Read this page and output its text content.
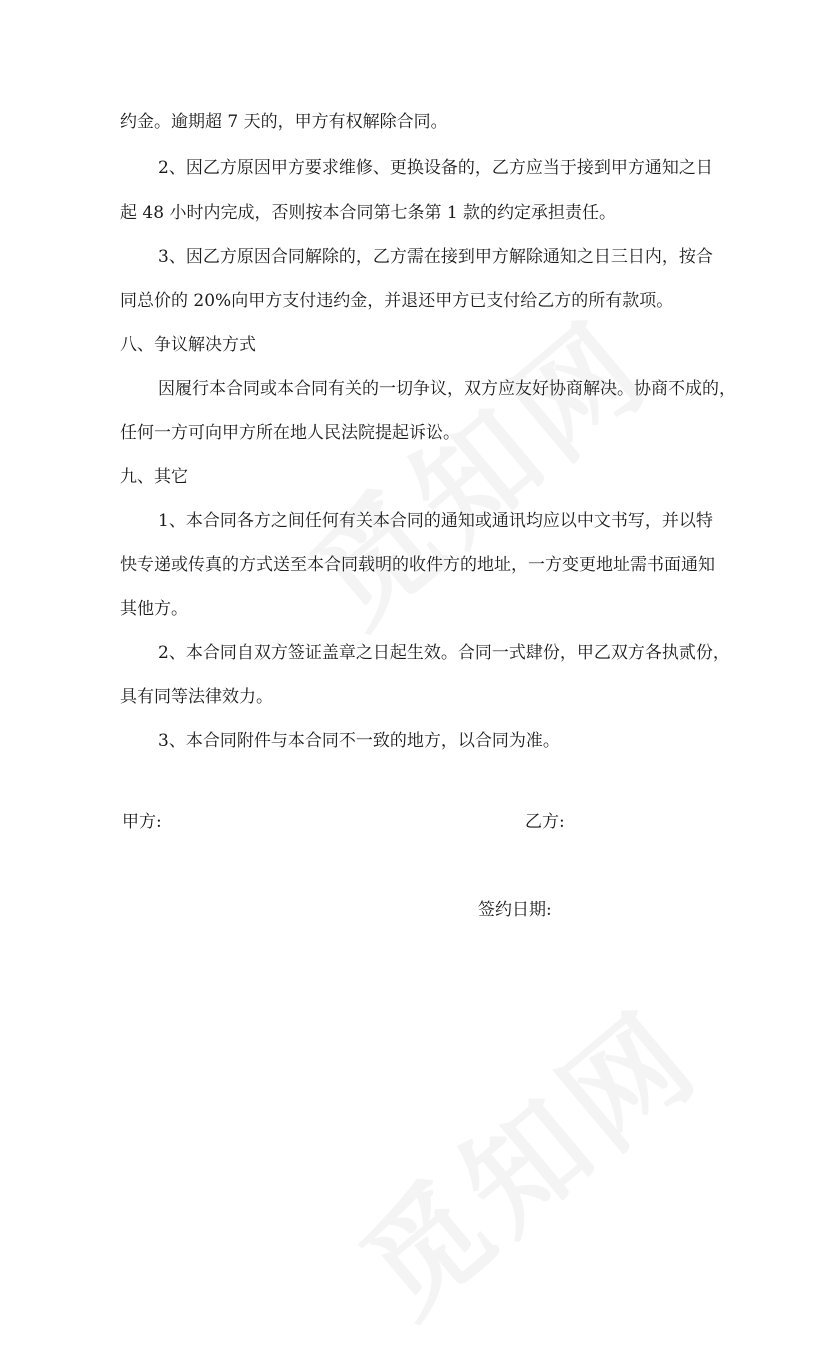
约金。逾期超 7 天的，甲方有权解除合同。
2、因乙方原因甲方要求维修、更换设备的，乙方应当于接到甲方通知之日
起 48 小时内完成，否则按本合同第七条第 1 款的约定承担责任。
3、因乙方原因合同解除的，乙方需在接到甲方解除通知之日三日内，按合
同总价的 20%向甲方支付违约金，并退还甲方已支付给乙方的所有款项。
八、争议解决方式
因履行本合同或本合同有关的一切争议，双方应友好协商解决。协商不成的，
任何一方可向甲方所在地人民法院提起诉讼。
九、其它
1、本合同各方之间任何有关本合同的通知或通讯均应以中文书写，并以特
快专递或传真的方式送至本合同载明的收件方的地址，一方变更地址需书面通知
其他方。
2、本合同自双方签证盖章之日起生效。合同一式肆份，甲乙双方各执贰份，
具有同等法律效力。
3、本合同附件与本合同不一致的地方，以合同为准。
甲方:	乙方:
签约日期:
